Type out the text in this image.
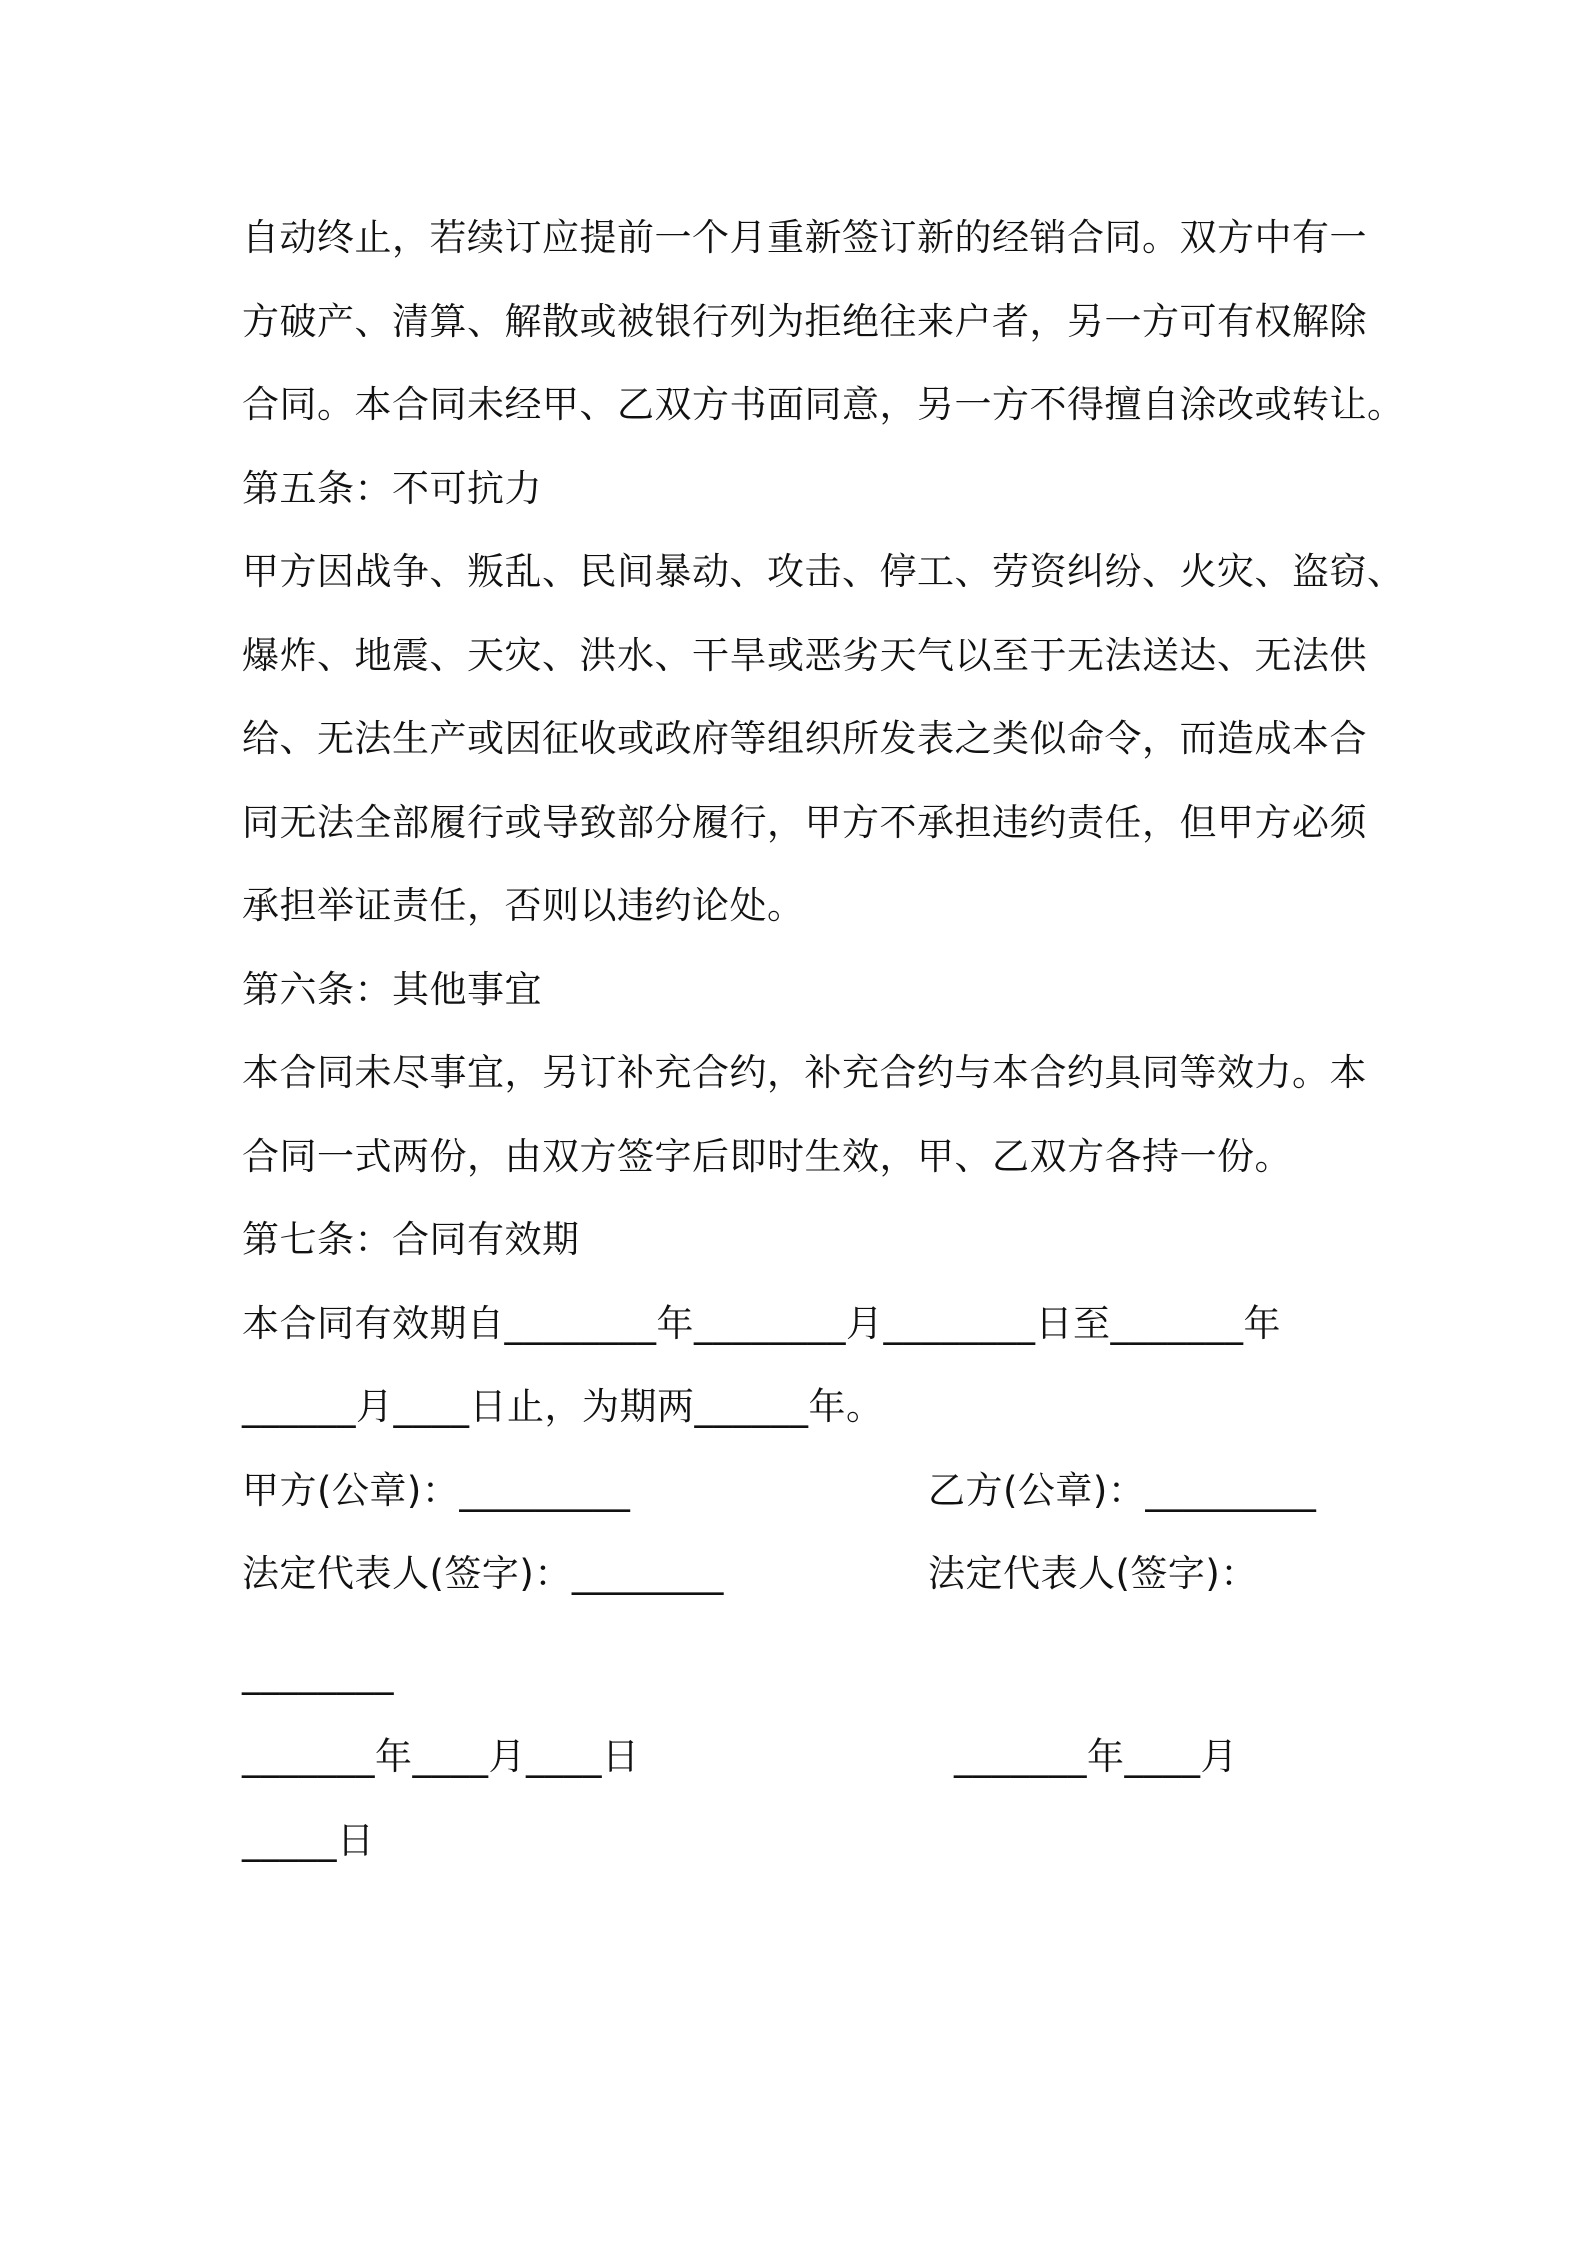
自动终止，若续订应提前一个月重新签订新的经销合同。双方中有一
方破产、清算、解散或被银行列为拒绝往来户者，另一方可有权解除
合同。本合同未经甲、乙双方书面同意，另一方不得擅自涂改或转让。
第五条：不可抗力
甲方因战争、叛乱、民间暴动、攻击、停工、劳资纠纷、火灾、盗窃、
爆炸、地震、天灾、洪水、干旱或恶劣天气以至于无法送达、无法供
给、无法生产或因征收或政府等组织所发表之类似命令，而造成本合
同无法全部履行或导致部分履行，甲方不承担违约责任，但甲方必须
承担举证责任，否则以违约论处。
第六条：其他事宜
本合同未尽事宜，另订补充合约，补充合约与本合约具同等效力。本
合同一式两份，由双方签字后即时生效，甲、乙双方各持一份。
第七条：合同有效期
本合同有效期自________年________月________日至_______年
______月____日止，为期两______年。
甲方(公章)：_________	乙方(公章)：_________
法定代表人(签字)：________	法定代表人(签字)：
________
_______年____月____日	_______年____月
_____日
